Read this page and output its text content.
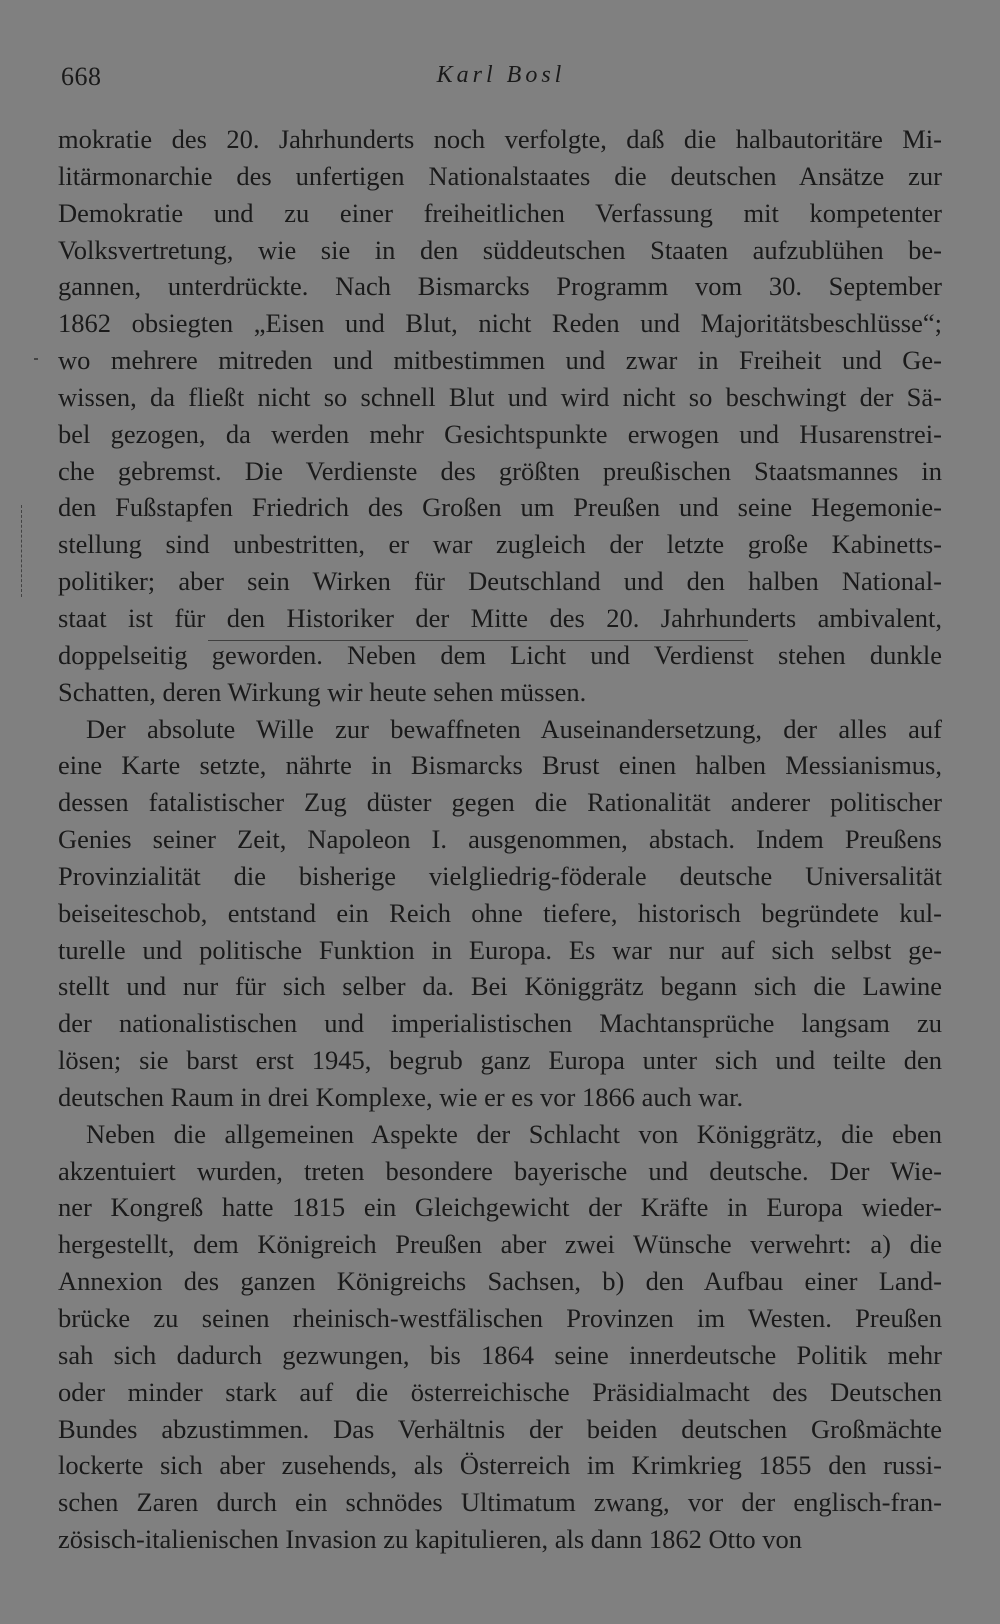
668	Karl Bosl
mokratie des 20. Jahrhunderts noch verfolgte, daß die halbautoritäre Mi-
litärmonarchie des unfertigen Nationalstaates die deutschen Ansätze zur
Demokratie und zu einer freiheitlichen Verfassung mit kompetenter
Volksvertretung, wie sie in den süddeutschen Staaten aufzublühen be-
gannen, unterdrückte. Nach Bismarcks Programm vom 30. September
1862 obsiegten „Eisen und Blut, nicht Reden und Majoritätsbeschlüsse“;
wo mehrere mitreden und mitbestimmen und zwar in Freiheit und Ge-
wissen, da fließt nicht so schnell Blut und wird nicht so beschwingt der Sä-
bel gezogen, da werden mehr Gesichtspunkte erwogen und Husarenstrei-
che gebremst. Die Verdienste des größten preußischen Staatsmannes in
den Fußstapfen Friedrich des Großen um Preußen und seine Hegemonie-
stellung sind unbestritten, er war zugleich der letzte große Kabinetts-
politiker; aber sein Wirken für Deutschland und den halben National-
staat ist für den Historiker der Mitte des 20. Jahrhunderts ambivalent,
doppelseitig geworden. Neben dem Licht und Verdienst stehen dunkle
Schatten, deren Wirkung wir heute sehen müssen.
Der absolute Wille zur bewaffneten Auseinandersetzung, der alles auf
eine Karte setzte, nährte in Bismarcks Brust einen halben Messianismus,
dessen fatalistischer Zug düster gegen die Rationalität anderer politischer
Genies seiner Zeit, Napoleon I. ausgenommen, abstach. Indem Preußens
Provinzialität die bisherige vielgliedrig-föderale deutsche Universalität
beiseiteschob, entstand ein Reich ohne tiefere, historisch begründete kul-
turelle und politische Funktion in Europa. Es war nur auf sich selbst ge-
stellt und nur für sich selber da. Bei Königgrätz begann sich die Lawine
der nationalistischen und imperialistischen Machtansprüche langsam zu
lösen; sie barst erst 1945, begrub ganz Europa unter sich und teilte den
deutschen Raum in drei Komplexe, wie er es vor 1866 auch war.
Neben die allgemeinen Aspekte der Schlacht von Königgrätz, die eben
akzentuiert wurden, treten besondere bayerische und deutsche. Der Wie-
ner Kongreß hatte 1815 ein Gleichgewicht der Kräfte in Europa wieder-
hergestellt, dem Königreich Preußen aber zwei Wünsche verwehrt: a) die
Annexion des ganzen Königreichs Sachsen, b) den Aufbau einer Land-
brücke zu seinen rheinisch-westfälischen Provinzen im Westen. Preußen
sah sich dadurch gezwungen, bis 1864 seine innerdeutsche Politik mehr
oder minder stark auf die österreichische Präsidialmacht des Deutschen
Bundes abzustimmen. Das Verhältnis der beiden deutschen Großmächte
lockerte sich aber zusehends, als Österreich im Krimkrieg 1855 den russi-
schen Zaren durch ein schnödes Ultimatum zwang, vor der englisch-fran-
zösisch-italienischen Invasion zu kapitulieren, als dann 1862 Otto von
